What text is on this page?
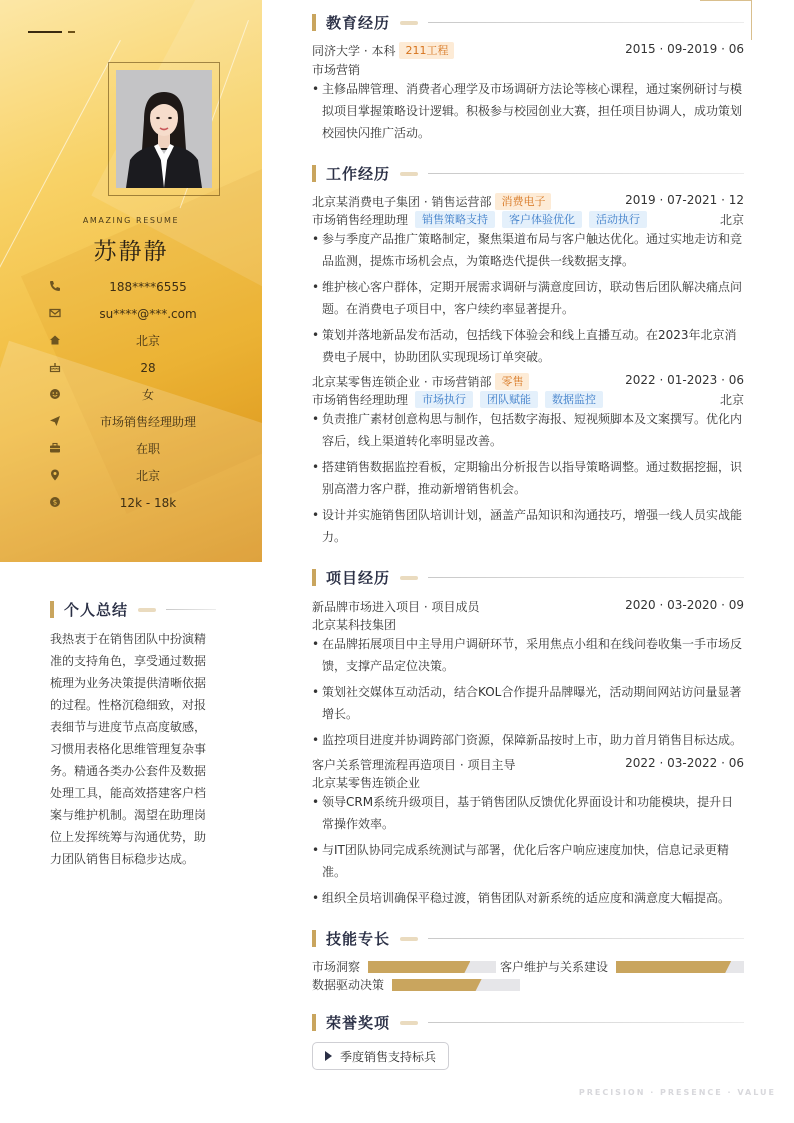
AMAZING RESUME
苏静静
188****6555
su****@***.com
北京
28
女
市场销售经理助理
在职
北京
$	12k - 18k
个人总结
我热衷于在销售团队中扮演精准的支持角色，享受通过数据梳理为业务决策提供清晰依据的过程。性格沉稳细致，对报表细节与进度节点高度敏感，习惯用表格化思维管理复杂事务。精通各类办公套件及数据处理工具，能高效搭建客户档案与维护机制。渴望在助理岗位上发挥统筹与沟通优势，助力团队销售目标稳步达成。
教育经历
同济大学 · 本科 211工程	2015 · 09-2019 · 06
市场营销
• 主修品牌管理、消费者心理学及市场调研方法论等核心课程，通过案例研讨与模拟项目掌握策略设计逻辑。积极参与校园创业大赛，担任项目协调人，成功策划校园快闪推广活动。
工作经历
北京某消费电子集团 · 销售运营部 消费电子	2019 · 07-2021 · 12
市场销售经理助理	销售策略支持	客户体验优化	活动执行	北京
• 参与季度产品推广策略制定，聚焦渠道布局与客户触达优化。通过实地走访和竞品监测，提炼市场机会点，为策略迭代提供一线数据支撑。
• 维护核心客户群体，定期开展需求调研与满意度回访，联动售后团队解决痛点问题。在消费电子项目中，客户续约率显著提升。
• 策划并落地新品发布活动，包括线下体验会和线上直播互动。在2023年北京消费电子展中，协助团队实现现场订单突破。
北京某零售连锁企业 · 市场营销部 零售	2022 · 01-2023 · 06
市场销售经理助理	市场执行	团队赋能	数据监控	北京
• 负责推广素材创意构思与制作，包括数字海报、短视频脚本及文案撰写。优化内容后，线上渠道转化率明显改善。
• 搭建销售数据监控看板，定期输出分析报告以指导策略调整。通过数据挖掘，识别高潜力客户群，推动新增销售机会。
• 设计并实施销售团队培训计划，涵盖产品知识和沟通技巧，增强一线人员实战能力。
项目经历
新品牌市场进入项目 · 项目成员	2020 · 03-2020 · 09
北京某科技集团
• 在品牌拓展项目中主导用户调研环节，采用焦点小组和在线问卷收集一手市场反馈，支撑产品定位决策。
• 策划社交媒体互动活动，结合KOL合作提升品牌曝光，活动期间网站访问量显著增长。
• 监控项目进度并协调跨部门资源，保障新品按时上市，助力首月销售目标达成。
客户关系管理流程再造项目 · 项目主导	2022 · 03-2022 · 06
北京某零售连锁企业
• 领导CRM系统升级项目，基于销售团队反馈优化界面设计和功能模块，提升日常操作效率。
• 与IT团队协同完成系统测试与部署，优化后客户响应速度加快，信息记录更精准。
• 组织全员培训确保平稳过渡，销售团队对新系统的适应度和满意度大幅提高。
技能专长
市场洞察	客户维护与关系建设
数据驱动决策
荣誉奖项
季度销售支持标兵
PRECISION · PRESENCE · VALUE
